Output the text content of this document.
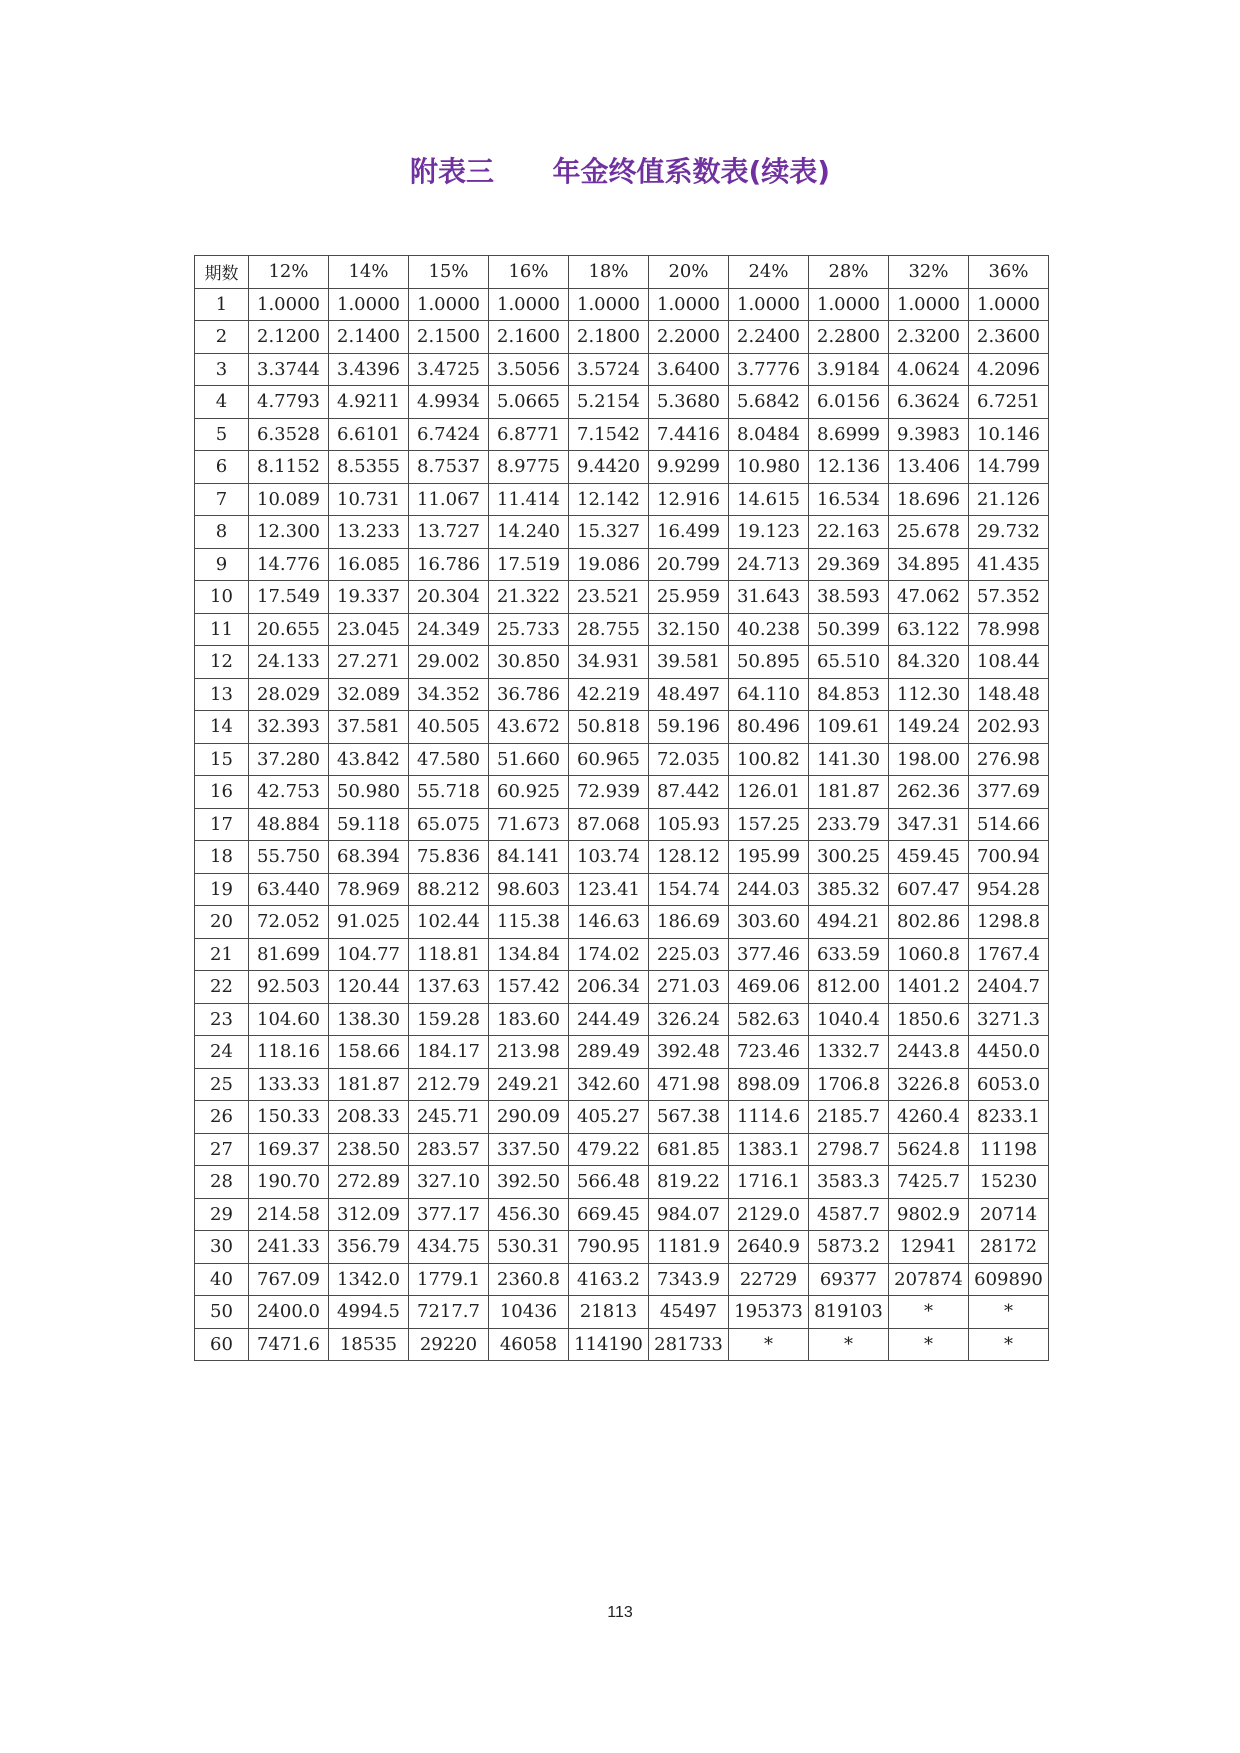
附表三      年金终值系数表(续表)
期数	12%	14%	15%	16%	18%	20%	24%	28%	32%	36%
1	1.0000	1.0000	1.0000	1.0000	1.0000	1.0000	1.0000	1.0000	1.0000	1.0000
2	2.1200	2.1400	2.1500	2.1600	2.1800	2.2000	2.2400	2.2800	2.3200	2.3600
3	3.3744	3.4396	3.4725	3.5056	3.5724	3.6400	3.7776	3.9184	4.0624	4.2096
4	4.7793	4.9211	4.9934	5.0665	5.2154	5.3680	5.6842	6.0156	6.3624	6.7251
5	6.3528	6.6101	6.7424	6.8771	7.1542	7.4416	8.0484	8.6999	9.3983	10.146
6	8.1152	8.5355	8.7537	8.9775	9.4420	9.9299	10.980	12.136	13.406	14.799
7	10.089	10.731	11.067	11.414	12.142	12.916	14.615	16.534	18.696	21.126
8	12.300	13.233	13.727	14.240	15.327	16.499	19.123	22.163	25.678	29.732
9	14.776	16.085	16.786	17.519	19.086	20.799	24.713	29.369	34.895	41.435
10	17.549	19.337	20.304	21.322	23.521	25.959	31.643	38.593	47.062	57.352
11	20.655	23.045	24.349	25.733	28.755	32.150	40.238	50.399	63.122	78.998
12	24.133	27.271	29.002	30.850	34.931	39.581	50.895	65.510	84.320	108.44
13	28.029	32.089	34.352	36.786	42.219	48.497	64.110	84.853	112.30	148.48
14	32.393	37.581	40.505	43.672	50.818	59.196	80.496	109.61	149.24	202.93
15	37.280	43.842	47.580	51.660	60.965	72.035	100.82	141.30	198.00	276.98
16	42.753	50.980	55.718	60.925	72.939	87.442	126.01	181.87	262.36	377.69
17	48.884	59.118	65.075	71.673	87.068	105.93	157.25	233.79	347.31	514.66
18	55.750	68.394	75.836	84.141	103.74	128.12	195.99	300.25	459.45	700.94
19	63.440	78.969	88.212	98.603	123.41	154.74	244.03	385.32	607.47	954.28
20	72.052	91.025	102.44	115.38	146.63	186.69	303.60	494.21	802.86	1298.8
21	81.699	104.77	118.81	134.84	174.02	225.03	377.46	633.59	1060.8	1767.4
22	92.503	120.44	137.63	157.42	206.34	271.03	469.06	812.00	1401.2	2404.7
23	104.60	138.30	159.28	183.60	244.49	326.24	582.63	1040.4	1850.6	3271.3
24	118.16	158.66	184.17	213.98	289.49	392.48	723.46	1332.7	2443.8	4450.0
25	133.33	181.87	212.79	249.21	342.60	471.98	898.09	1706.8	3226.8	6053.0
26	150.33	208.33	245.71	290.09	405.27	567.38	1114.6	2185.7	4260.4	8233.1
27	169.37	238.50	283.57	337.50	479.22	681.85	1383.1	2798.7	5624.8	11198
28	190.70	272.89	327.10	392.50	566.48	819.22	1716.1	3583.3	7425.7	15230
29	214.58	312.09	377.17	456.30	669.45	984.07	2129.0	4587.7	9802.9	20714
30	241.33	356.79	434.75	530.31	790.95	1181.9	2640.9	5873.2	12941	28172
40	767.09	1342.0	1779.1	2360.8	4163.2	7343.9	22729	69377	207874	609890
50	2400.0	4994.5	7217.7	10436	21813	45497	195373	819103	*	*
60	7471.6	18535	29220	46058	114190	281733	*	*	*	*
113
